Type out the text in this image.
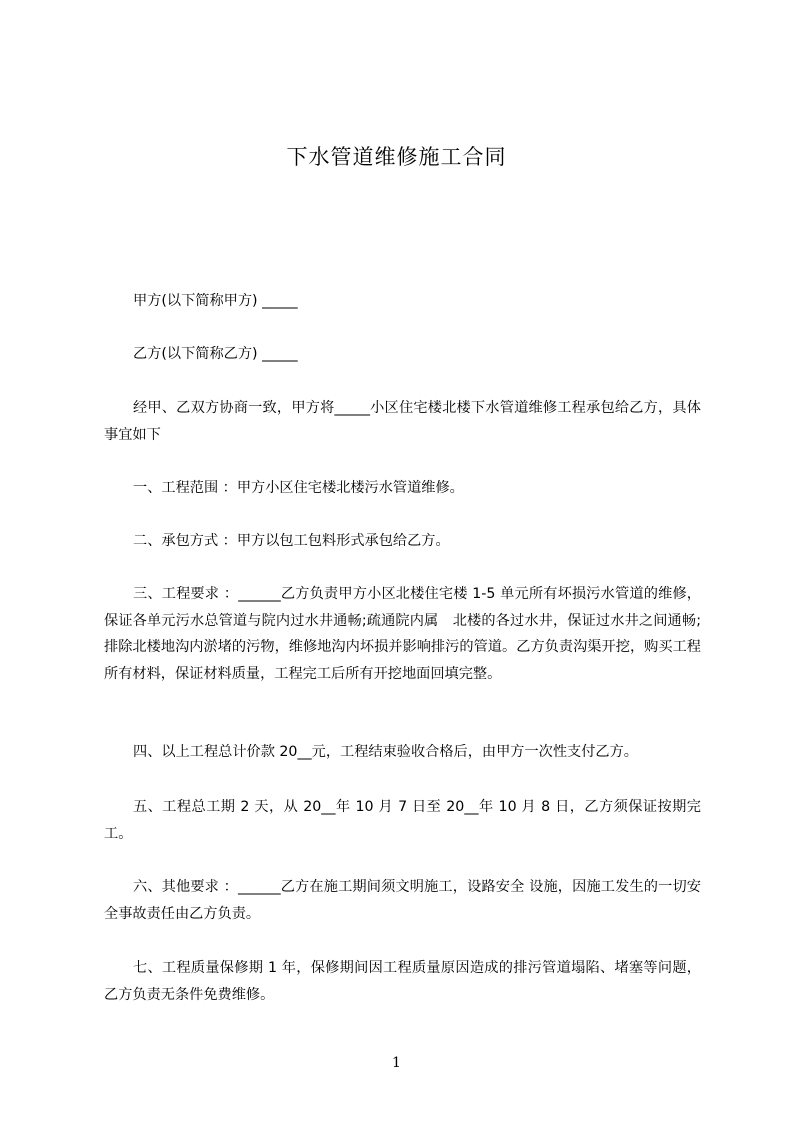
下水管道维修施工合同

甲方(以下简称甲方) _____

乙方(以下简称乙方) _____

经甲、乙双方协商一致，甲方将_____小区住宅楼北楼下水管道维修工程承包给乙方，具体事宜如下

一、工程范围 ：甲方小区住宅楼北楼污水管道维修。

二、承包方式 ：甲方以包工包料形式承包给乙方。

三、工程要求 ：______乙方负责甲方小区北楼住宅楼 1-5 单元所有坏损污水管道的维修，保证各单元污水总管道与院内过水井通畅;疏通院内属　北楼的各过水井，保证过水井之间通畅;排除北楼地沟内淤堵的污物，维修地沟内坏损并影响排污的管道。乙方负责沟渠开挖，购买工程所有材料，保证材料质量，工程完工后所有开挖地面回填完整。

四、以上工程总计价款 20__元，工程结束验收合格后，由甲方一次性支付乙方。

五、工程总工期 2 天，从 20__年 10 月 7 日至 20__年 10 月 8 日，乙方须保证按期完工。

六、其他要求 ：______乙方在施工期间须文明施工，设路安全 设施，因施工发生的一切安全事故责任由乙方负责。

七、工程质量保修期 1 年，保修期间因工程质量原因造成的排污管道塌陷、堵塞等问题，乙方负责无条件免费维修。

1
